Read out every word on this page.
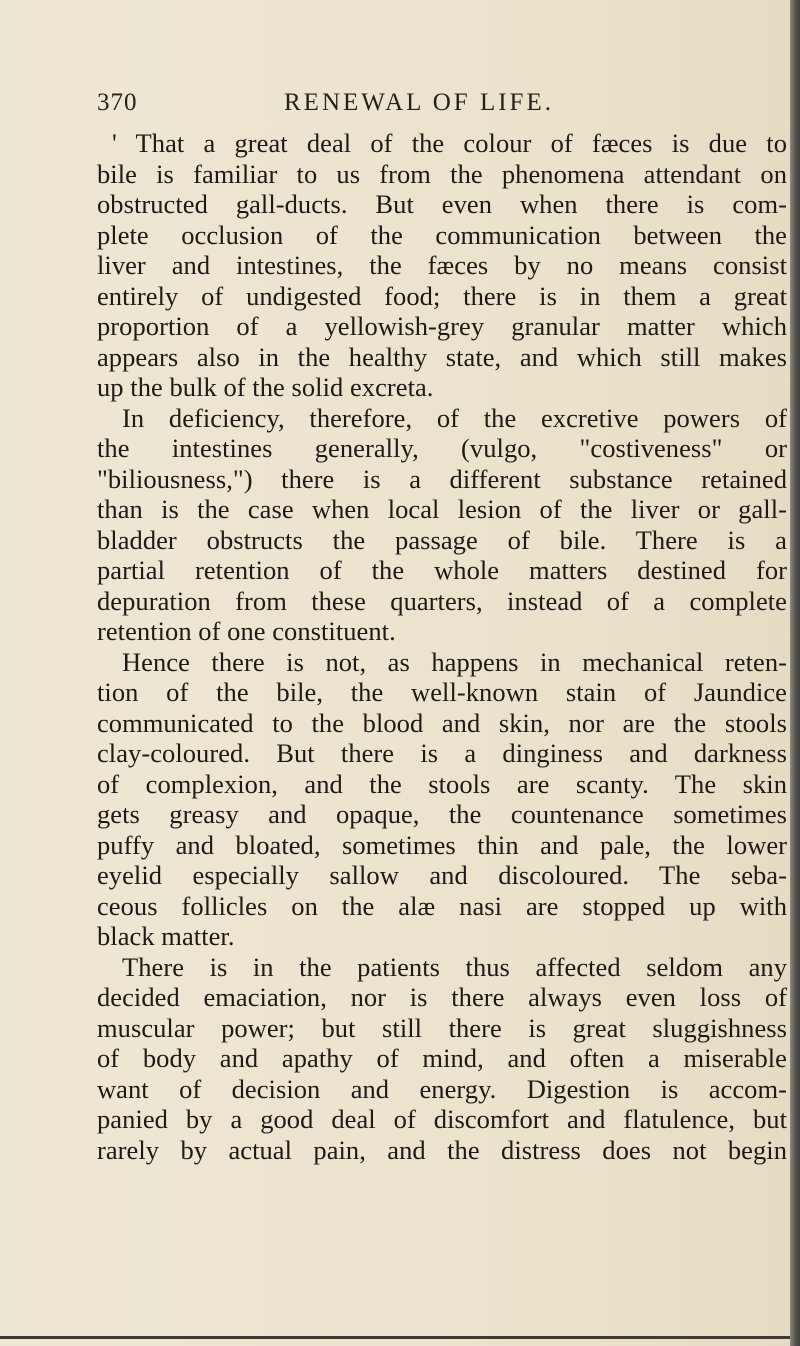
370	RENEWAL OF LIFE.
' That a great deal of the colour of fæces is due to
bile is familiar to us from the phenomena attendant on
obstructed gall-ducts. But even when there is com-
plete occlusion of the communication between the
liver and intestines, the fæces by no means consist
entirely of undigested food; there is in them a great
proportion of a yellowish-grey granular matter which
appears also in the healthy state, and which still makes
up the bulk of the solid excreta.
In deficiency, therefore, of the excretive powers of
the intestines generally, (vulgo, "costiveness" or
"biliousness,") there is a different substance retained
than is the case when local lesion of the liver or gall-
bladder obstructs the passage of bile. There is a
partial retention of the whole matters destined for
depuration from these quarters, instead of a complete
retention of one constituent.
Hence there is not, as happens in mechanical reten-
tion of the bile, the well-known stain of Jaundice
communicated to the blood and skin, nor are the stools
clay-coloured. But there is a dinginess and darkness
of complexion, and the stools are scanty. The skin
gets greasy and opaque, the countenance sometimes
puffy and bloated, sometimes thin and pale, the lower
eyelid especially sallow and discoloured. The seba-
ceous follicles on the alæ nasi are stopped up with
black matter.
There is in the patients thus affected seldom any
decided emaciation, nor is there always even loss of
muscular power; but still there is great sluggishness
of body and apathy of mind, and often a miserable
want of decision and energy. Digestion is accom-
panied by a good deal of discomfort and flatulence, but
rarely by actual pain, and the distress does not begin
